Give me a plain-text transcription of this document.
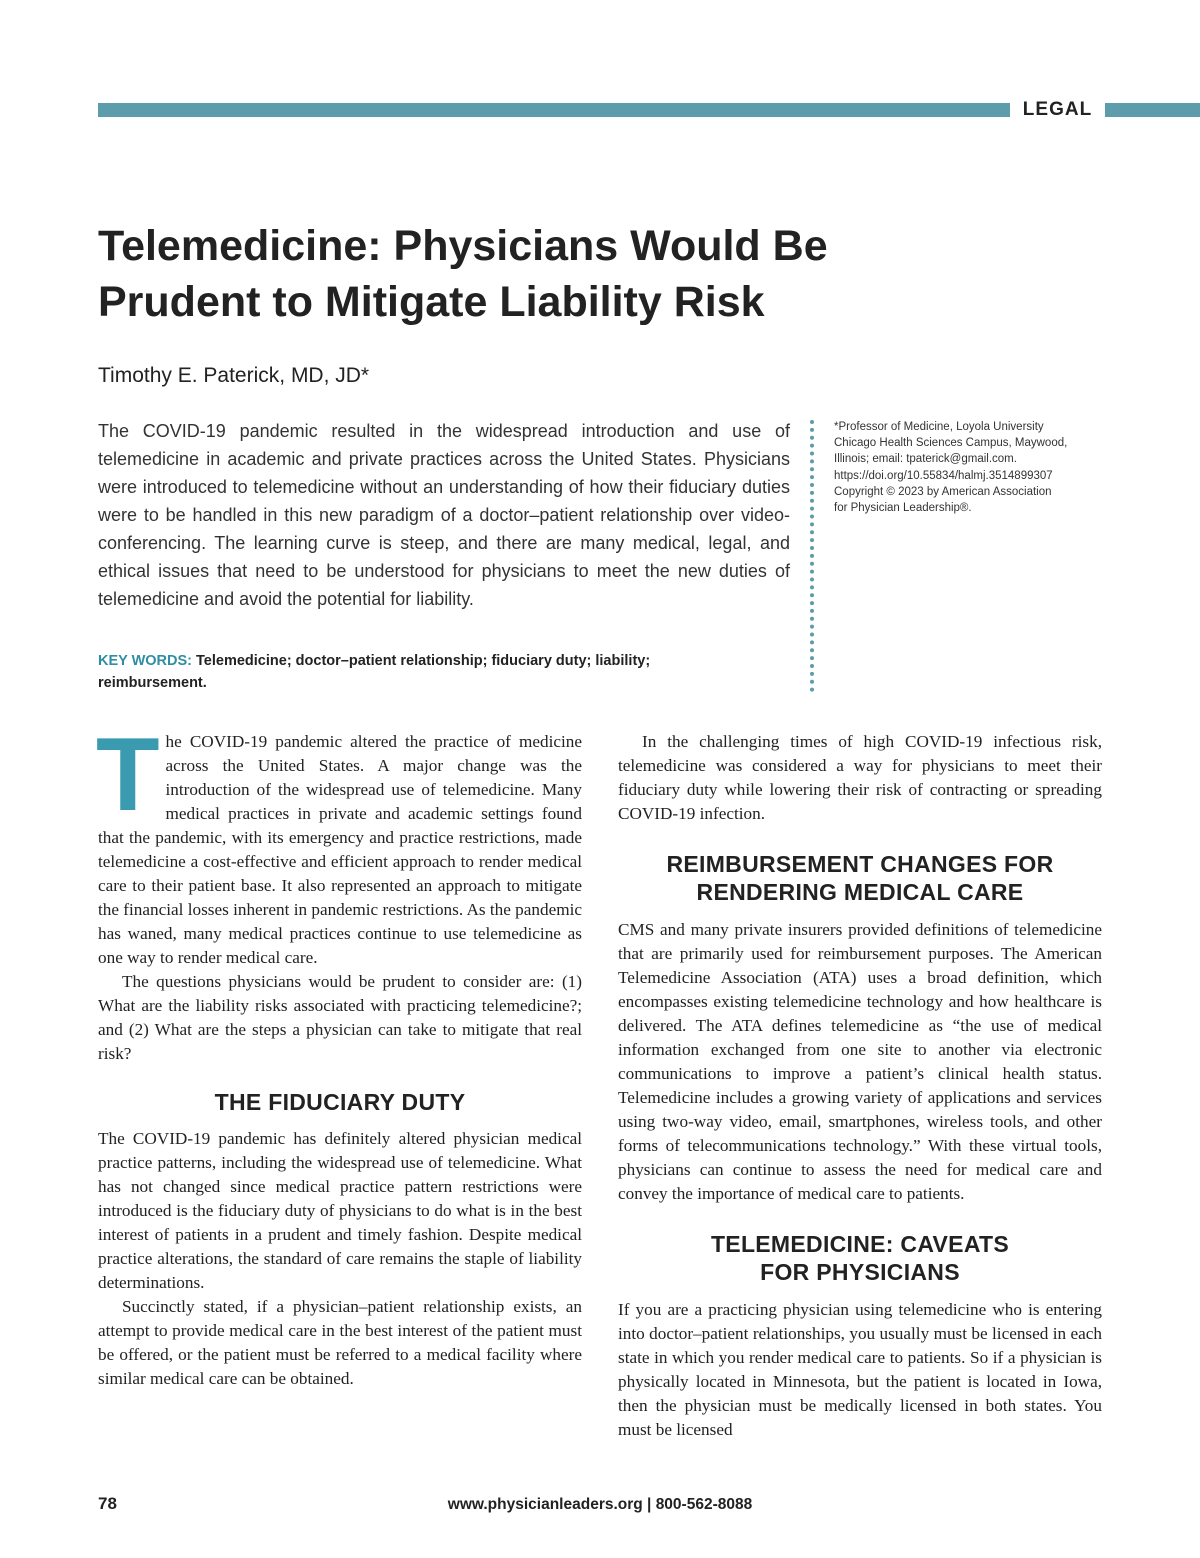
LEGAL
Telemedicine: Physicians Would Be Prudent to Mitigate Liability Risk
Timothy E. Paterick, MD, JD*

The COVID-19 pandemic resulted in the widespread introduction and use of telemedicine in academic and private practices across the United States. Physicians were introduced to telemedicine without an understanding of how their fiduciary duties were to be handled in this new paradigm of a doctor–patient relationship over video-conferencing. The learning curve is steep, and there are many medical, legal, and ethical issues that need to be understood for physicians to meet the new duties of telemedicine and avoid the potential for liability.

KEY WORDS: Telemedicine; doctor–patient relationship; fiduciary duty; liability; reimbursement.

*Professor of Medicine, Loyola University
Chicago Health Sciences Campus, Maywood,
Illinois; email: tpaterick@gmail.com.
https://doi.org/10.55834/halmj.3514899307
Copyright © 2023 by American Association
for Physician Leadership®.

The COVID-19 pandemic altered the practice of medicine across the United States. A major change was the introduction of the widespread use of telemedicine. Many medical practices in private and academic settings found that the pandemic, with its emergency and practice restrictions, made telemedicine a cost-effective and efficient approach to render medical care to their patient base. It also represented an approach to mitigate the financial losses inherent in pandemic restrictions. As the pandemic has waned, many medical practices continue to use telemedicine as one way to render medical care.

The questions physicians would be prudent to consider are: (1) What are the liability risks associated with practicing telemedicine?; and (2) What are the steps a physician can take to mitigate that real risk?

THE FIDUCIARY DUTY

The COVID-19 pandemic has definitely altered physician medical practice patterns, including the widespread use of telemedicine. What has not changed since medical practice pattern restrictions were introduced is the fiduciary duty of physicians to do what is in the best interest of patients in a prudent and timely fashion. Despite medical practice alterations, the standard of care remains the staple of liability determinations.

Succinctly stated, if a physician–patient relationship exists, an attempt to provide medical care in the best interest of the patient must be offered, or the patient must be referred to a medical facility where similar medical care can be obtained.

In the challenging times of high COVID-19 infectious risk, telemedicine was considered a way for physicians to meet their fiduciary duty while lowering their risk of contracting or spreading COVID-19 infection.

REIMBURSEMENT CHANGES FOR
RENDERING MEDICAL CARE

CMS and many private insurers provided definitions of telemedicine that are primarily used for reimbursement purposes. The American Telemedicine Association (ATA) uses a broad definition, which encompasses existing telemedicine technology and how healthcare is delivered. The ATA defines telemedicine as “the use of medical information exchanged from one site to another via electronic communications to improve a patient’s clinical health status. Telemedicine includes a growing variety of applications and services using two-way video, email, smartphones, wireless tools, and other forms of telecommunications technology.” With these virtual tools, physicians can continue to assess the need for medical care and convey the importance of medical care to patients.

TELEMEDICINE: CAVEATS
FOR PHYSICIANS

If you are a practicing physician using telemedicine who is entering into doctor–patient relationships, you usually must be licensed in each state in which you render medical care to patients. So if a physician is physically located in Minnesota, but the patient is located in Iowa, then the physician must be medically licensed in both states. You must be licensed

78	www.physicianleaders.org | 800-562-8088
